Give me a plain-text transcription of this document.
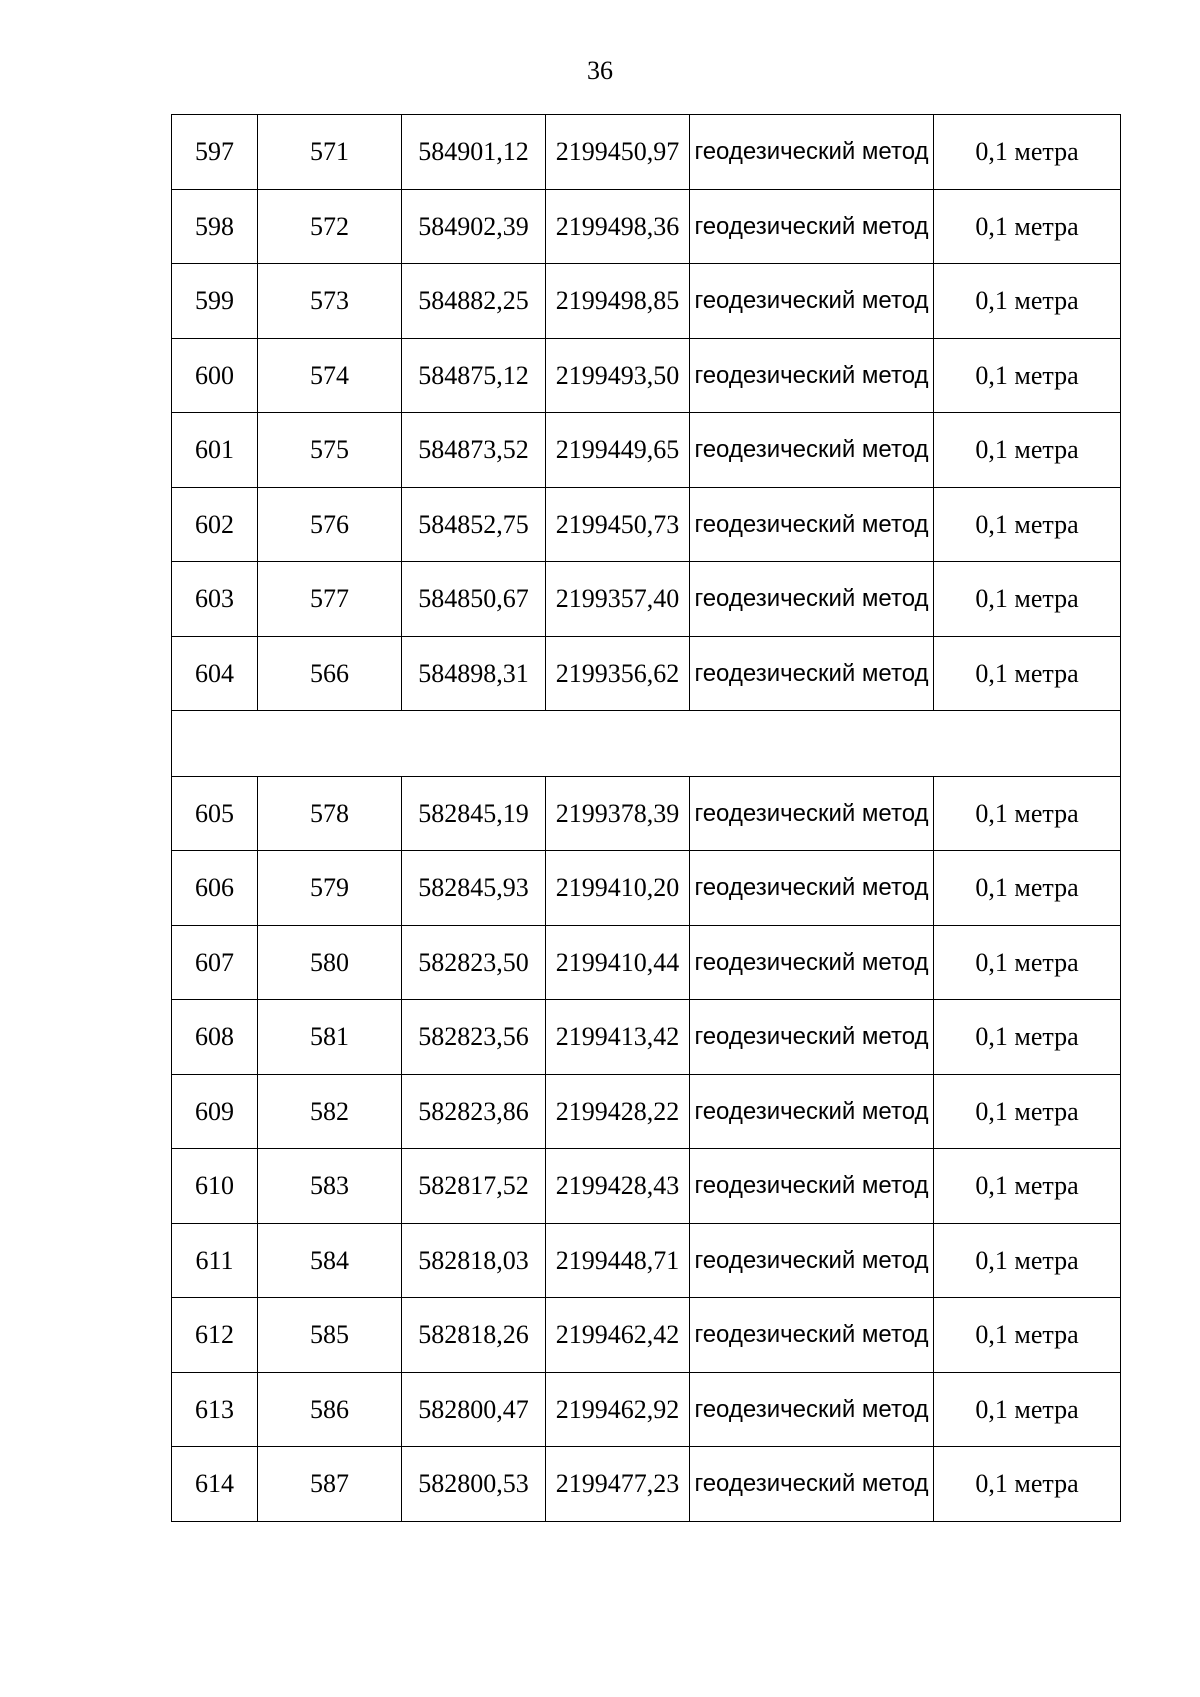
36
597	571	584901,12	2199450,97	геодезический метод	0,1 метра
598	572	584902,39	2199498,36	геодезический метод	0,1 метра
599	573	584882,25	2199498,85	геодезический метод	0,1 метра
600	574	584875,12	2199493,50	геодезический метод	0,1 метра
601	575	584873,52	2199449,65	геодезический метод	0,1 метра
602	576	584852,75	2199450,73	геодезический метод	0,1 метра
603	577	584850,67	2199357,40	геодезический метод	0,1 метра
604	566	584898,31	2199356,62	геодезический метод	0,1 метра

605	578	582845,19	2199378,39	геодезический метод	0,1 метра
606	579	582845,93	2199410,20	геодезический метод	0,1 метра
607	580	582823,50	2199410,44	геодезический метод	0,1 метра
608	581	582823,56	2199413,42	геодезический метод	0,1 метра
609	582	582823,86	2199428,22	геодезический метод	0,1 метра
610	583	582817,52	2199428,43	геодезический метод	0,1 метра
611	584	582818,03	2199448,71	геодезический метод	0,1 метра
612	585	582818,26	2199462,42	геодезический метод	0,1 метра
613	586	582800,47	2199462,92	геодезический метод	0,1 метра
614	587	582800,53	2199477,23	геодезический метод	0,1 метра
